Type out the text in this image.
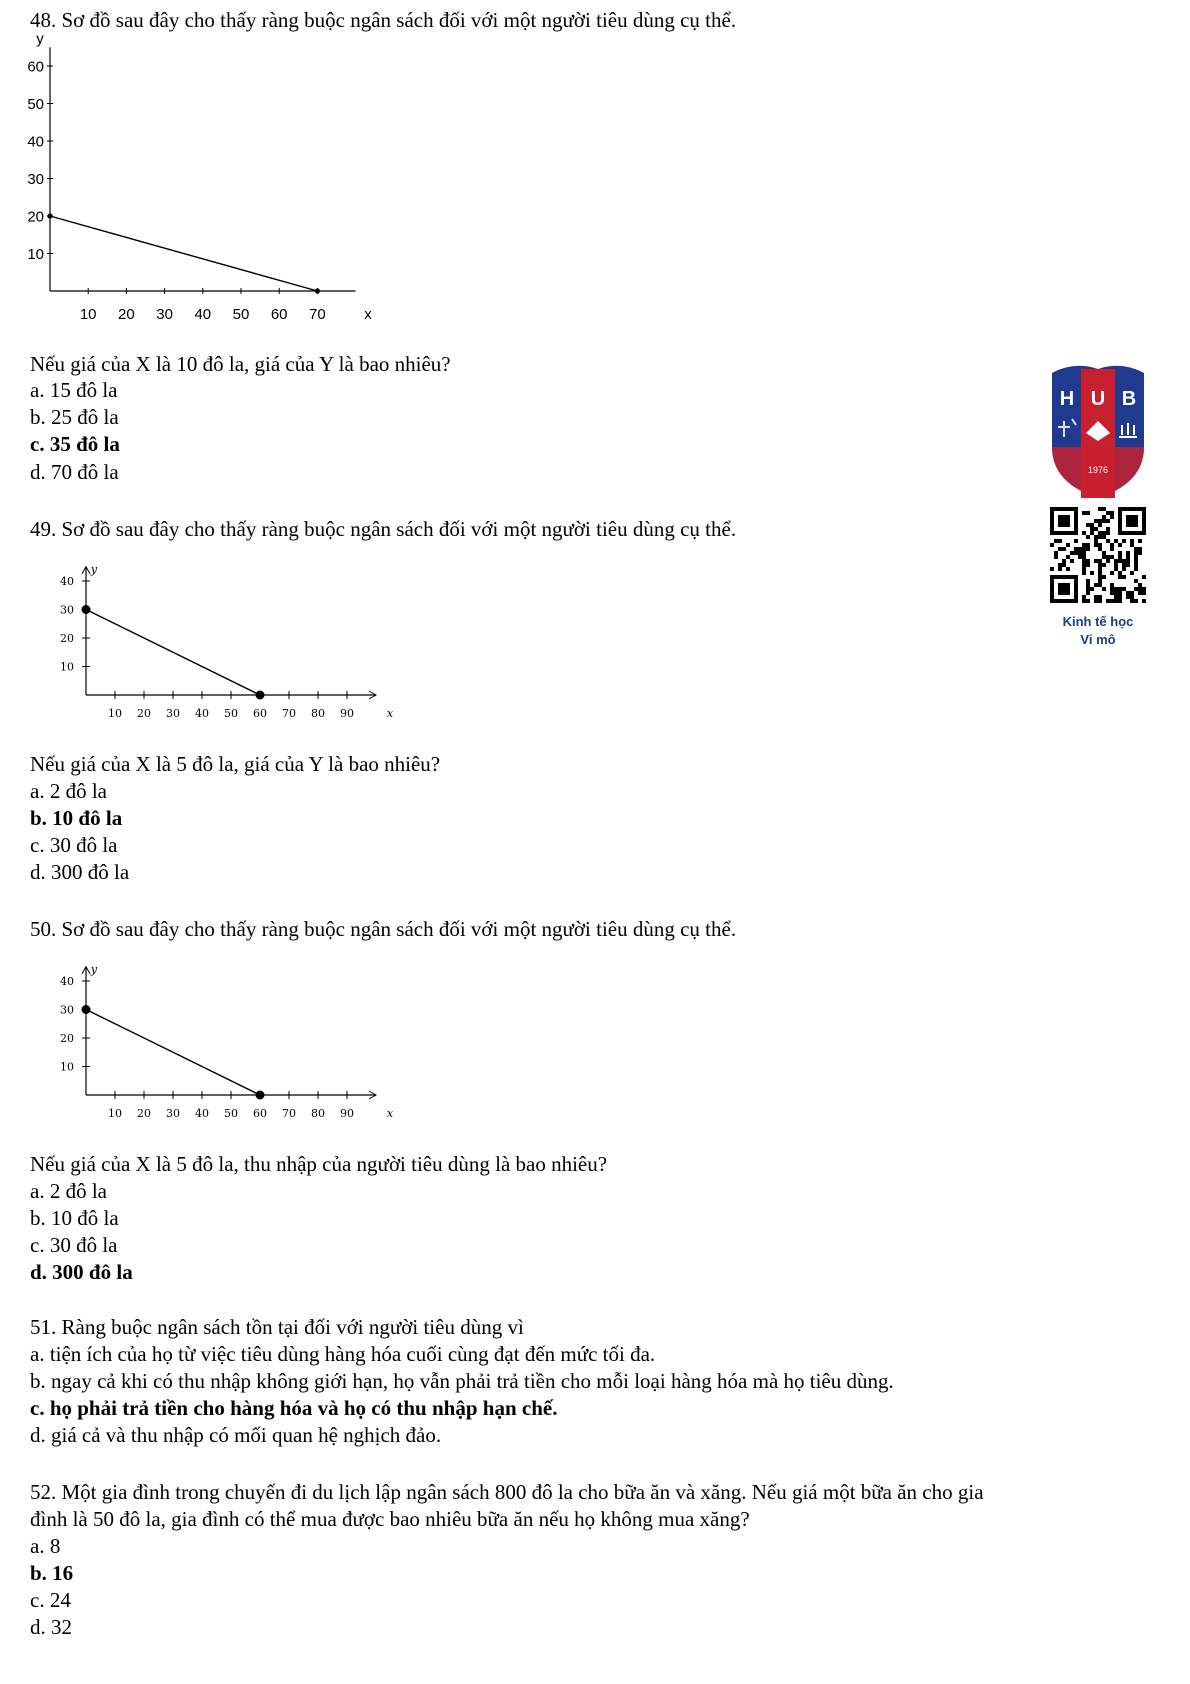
48. Sơ đồ sau đây cho thấy ràng buộc ngân sách đối với một người tiêu dùng cụ thể.
10 20 30 40 50 60 70
10
20
30
40
50
60
x
y
Nếu giá của X là 10 đô la, giá của Y là bao nhiêu?
a. 15 đô la
b. 25 đô la
c. 35 đô la
d. 70 đô la
49. Sơ đồ sau đây cho thấy ràng buộc ngân sách đối với một người tiêu dùng cụ thể.
10 20 30 40 50 60 70 80 90
10
20
30
40
x
y
Nếu giá của X là 5 đô la, giá của Y là bao nhiêu?
a. 2 đô la
b. 10 đô la
c. 30 đô la
d. 300 đô la
50. Sơ đồ sau đây cho thấy ràng buộc ngân sách đối với một người tiêu dùng cụ thể.
10 20 30 40 50 60 70 80 90
10
20
30
40
x
y
Nếu giá của X là 5 đô la, thu nhập của người tiêu dùng là bao nhiêu?
a. 2 đô la
b. 10 đô la
c. 30 đô la
d. 300 đô la
51. Ràng buộc ngân sách tồn tại đối với người tiêu dùng vì
a. tiện ích của họ từ việc tiêu dùng hàng hóa cuối cùng đạt đến mức tối đa.
b. ngay cả khi có thu nhập không giới hạn, họ vẫn phải trả tiền cho mỗi loại hàng hóa mà họ tiêu dùng.
c. họ phải trả tiền cho hàng hóa và họ có thu nhập hạn chế.
d. giá cả và thu nhập có mối quan hệ nghịch đảo.
52. Một gia đình trong chuyến đi du lịch lập ngân sách 800 đô la cho bữa ăn và xăng. Nếu giá một bữa ăn cho gia
đình là 50 đô la, gia đình có thể mua được bao nhiêu bữa ăn nếu họ không mua xăng?
a. 8
b. 16
c. 24
d. 32
H U B
1976
Kinh tế học
Vi mô
